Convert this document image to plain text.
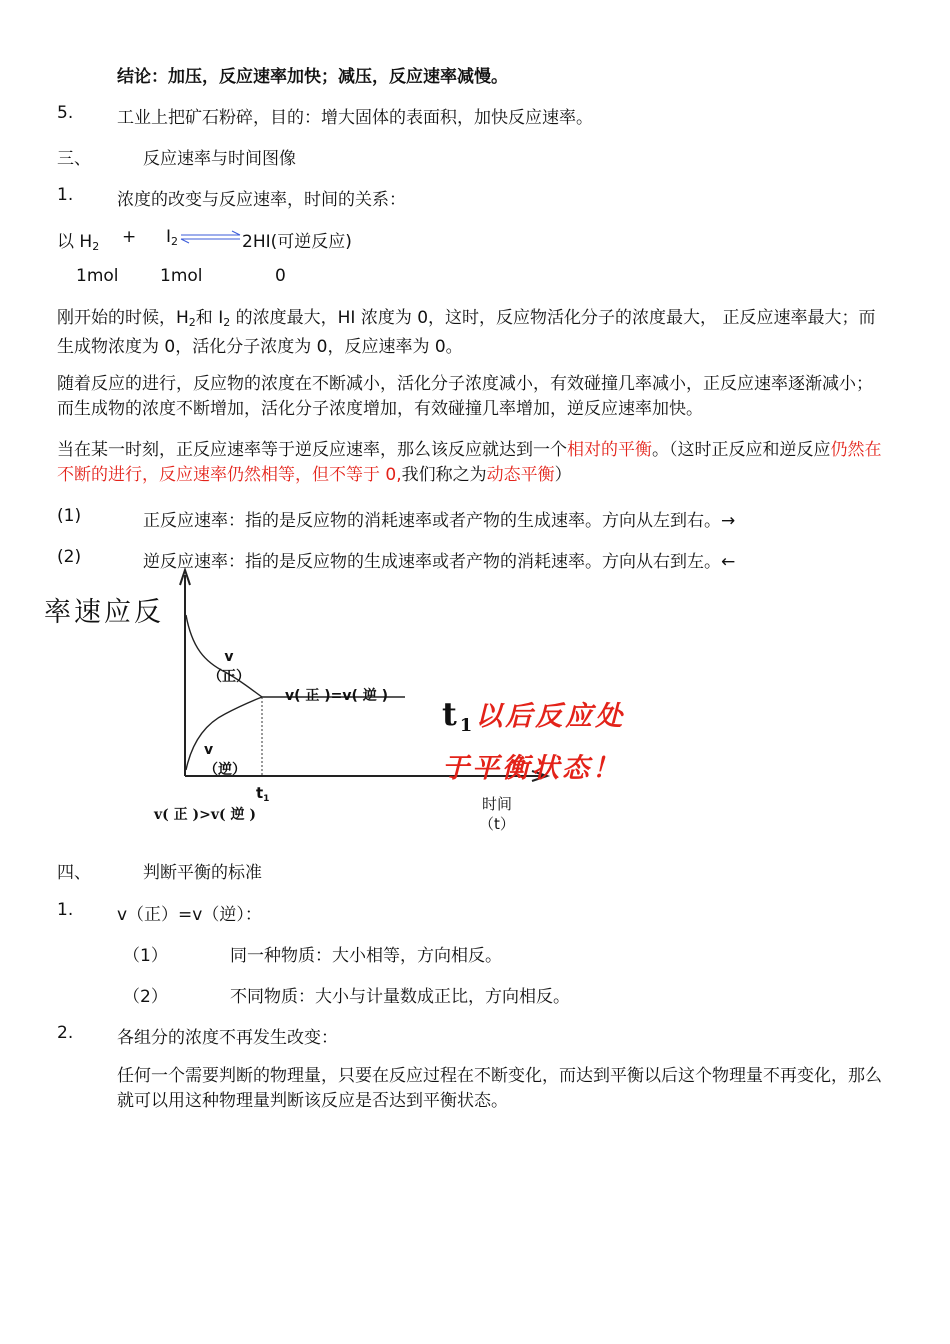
结论：加压，反应速率加快；减压，反应速率减慢。
5.	工业上把矿石粉碎，目的：增大固体的表面积，加快反应速率。
三、	反应速率与时间图像
1.	浓度的改变与反应速率，时间的关系：
以 $H_2 + I_2$	2HI(可逆反应)
1mol 1mol	0
刚开始的时候，$H_2$和 $I_2$ 的浓度最大，HI 浓度为 0，这时，反应物活化分子的浓度最大， 正反应速率最大；而生成物浓度为 0，活化分子浓度为 0，反应速率为 0。
随着反应的进行，反应物的浓度在不断减小，活化分子浓度减小，有效碰撞几率减小，正反应速率逐渐减小；而生成物的浓度不断增加，活化分子浓度增加，有效碰撞几率增加，逆反应速率加快。
当在某一时刻，正反应速率等于逆反应速率，那么该反应就达到一个相对的平衡。（这时正反应和逆反应仍然在不断的进行，反应速率仍然相等，但不等于 0,我们称之为动态平衡）
(1)	正反应速率：指的是反应物的消耗速率或者产物的生成速率。方向从左到右。→
(2)	逆反应速率：指的是反应物的生成速率或者产物的消耗速率。方向从右到左。←
率速应反
v
（正）
v
（逆）
v( 正 )=v( 逆 )
$t_1$	时间
（t）
v( 正 )>v( 逆 )
$t_1$以后反应处
于平衡状态！
四、	判断平衡的标准
1.	v（正）=v（逆）：
（1）	同一种物质：大小相等，方向相反。
（2）	不同物质：大小与计量数成正比，方向相反。
2.	各组分的浓度不再发生改变：
任何一个需要判断的物理量，只要在反应过程在不断变化，而达到平衡以后这个物理量不再变化，那么就可以用这种物理量判断该反应是否达到平衡状态。
